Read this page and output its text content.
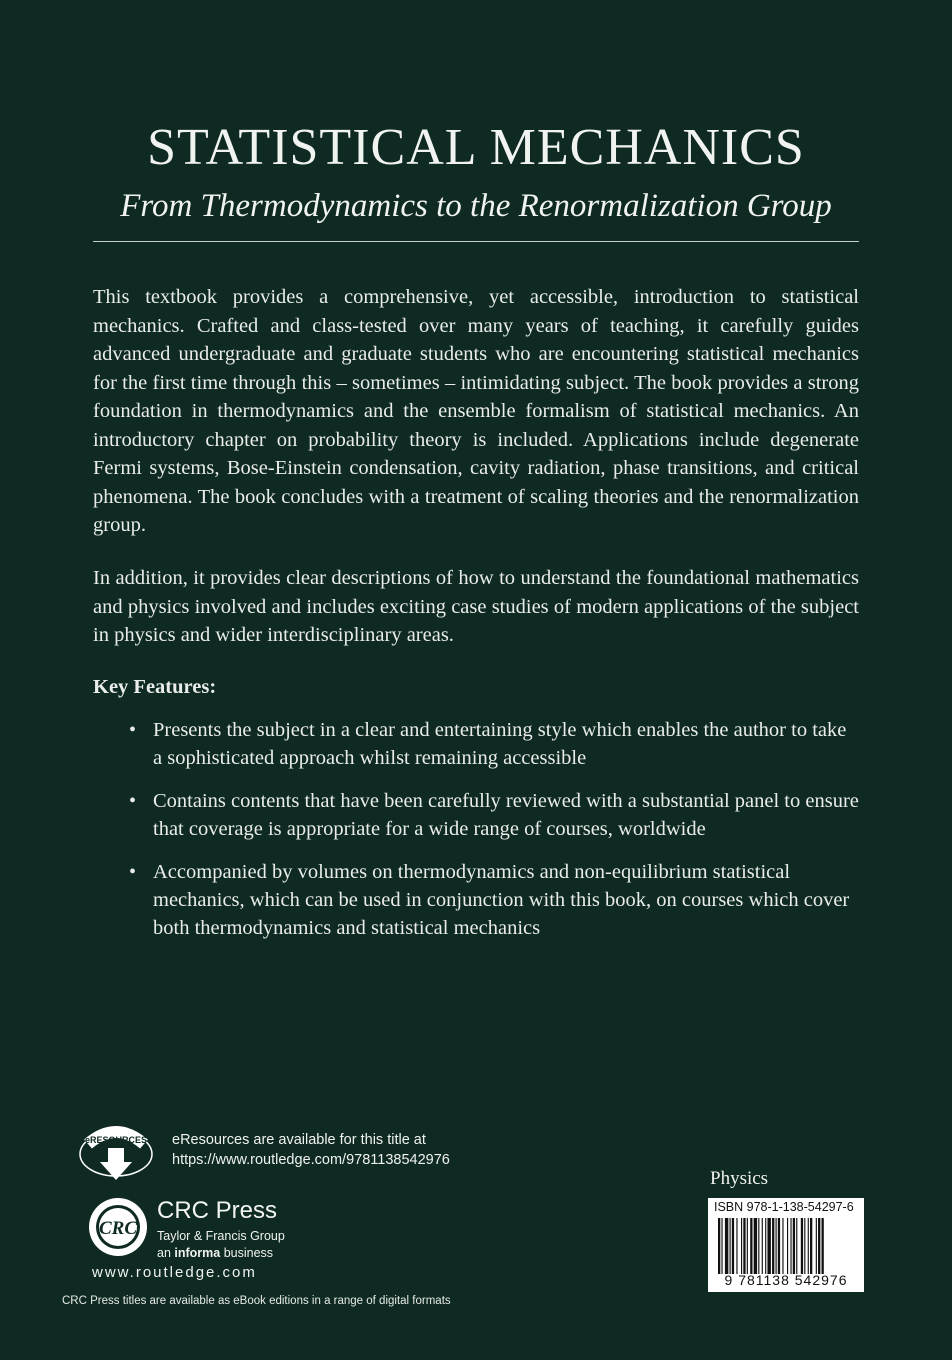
STATISTICAL MECHANICS

From Thermodynamics to the Renormalization Group

This textbook provides a comprehensive, yet accessible, introduction to statistical mechanics. Crafted and class-tested over many years of teaching, it carefully guides advanced undergraduate and graduate students who are encountering statistical mechanics for the first time through this – sometimes – intimidating subject. The book provides a strong foundation in thermodynamics and the ensemble formalism of statistical mechanics. An introductory chapter on probability theory is included. Applications include degenerate Fermi systems, Bose-Einstein condensation, cavity radiation, phase transitions, and critical phenomena. The book concludes with a treatment of scaling theories and the renormalization group.

In addition, it provides clear descriptions of how to understand the foundational mathematics and physics involved and includes exciting case studies of modern applications of the subject in physics and wider interdisciplinary areas.

Key Features:

• Presents the subject in a clear and entertaining style which enables the author to take a sophisticated approach whilst remaining accessible
• Contains contents that have been carefully reviewed with a substantial panel to ensure that coverage is appropriate for a wide range of courses, worldwide
• Accompanied by volumes on thermodynamics and non-equilibrium statistical mechanics, which can be used in conjunction with this book, on courses which cover both thermodynamics and statistical mechanics
eRESOURCES eResources are available for this title at
https://www.routledge.com/9781138542976
CRC
CRC Press
Taylor & Francis Group
an informa business
www.routledge.com
CRC Press titles are available as eBook editions in a range of digital formats
Physics
ISBN 978-1-138-54297-6
9 781138 542976
